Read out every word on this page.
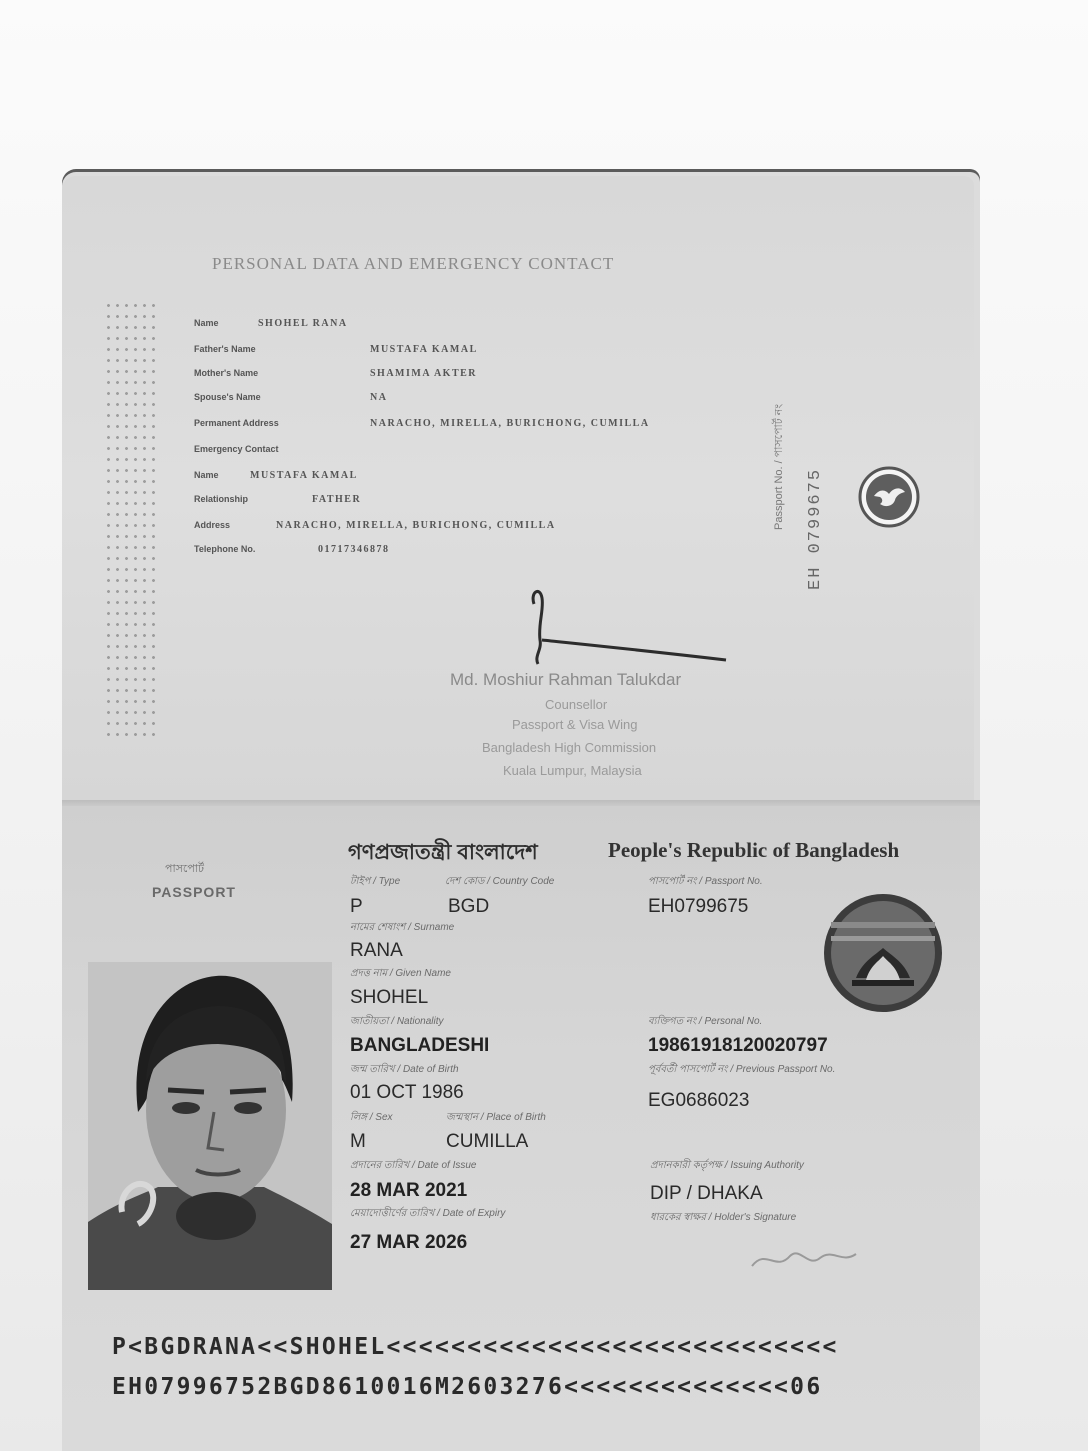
PERSONAL DATA AND EMERGENCY CONTACT
Name	SHOHEL RANA
Father's Name	MUSTAFA KAMAL
Mother's Name	SHAMIMA AKTER
Spouse's Name	NA
Permanent Address	NARACHO, MIRELLA, BURICHONG, CUMILLA
Emergency Contact
Name	MUSTAFA KAMAL
Relationship	FATHER
Address	NARACHO, MIRELLA, BURICHONG, CUMILLA
Telephone No.	01717346878
Passport No. / পাসপোর্ট নং EH 0799675
Md. Moshiur Rahman Talukdar
Counsellor
Passport & Visa Wing
Bangladesh High Commission
Kuala Lumpur, Malaysia
গণপ্রজাতন্ত্রী বাংলাদেশ	People's Republic of Bangladesh
পাসপোর্ট
PASSPORT
টাইপ / Type	দেশ কোড / Country Code	পাসপোর্ট নং / Passport No.
P	BGD	EH0799675
নামের শেষাংশ / Surname
RANA
প্রদত্ত নাম / Given Name
SHOHEL
জাতীয়তা / Nationality	ব্যক্তিগত নং / Personal No.
BANGLADESHI	19861918120020797
জন্ম তারিখ / Date of Birth	পূর্ববর্তী পাসপোর্ট নং / Previous Passport No.
01 OCT 1986	EG0686023
লিঙ্গ / Sex	জন্মস্থান / Place of Birth
M	CUMILLA
প্রদানের তারিখ / Date of Issue	প্রদানকারী কর্তৃপক্ষ / Issuing Authority
28 MAR 2021	DIP / DHAKA
মেয়াদোত্তীর্ণের তারিখ / Date of Expiry	ধারকের স্বাক্ষর / Holder's Signature
27 MAR 2026
P<BGDRANA<<SHOHEL<<<<<<<<<<<<<<<<<<<<<<<<<<<<
EH07996752BGD8610016M2603276<<<<<<<<<<<<<<06
